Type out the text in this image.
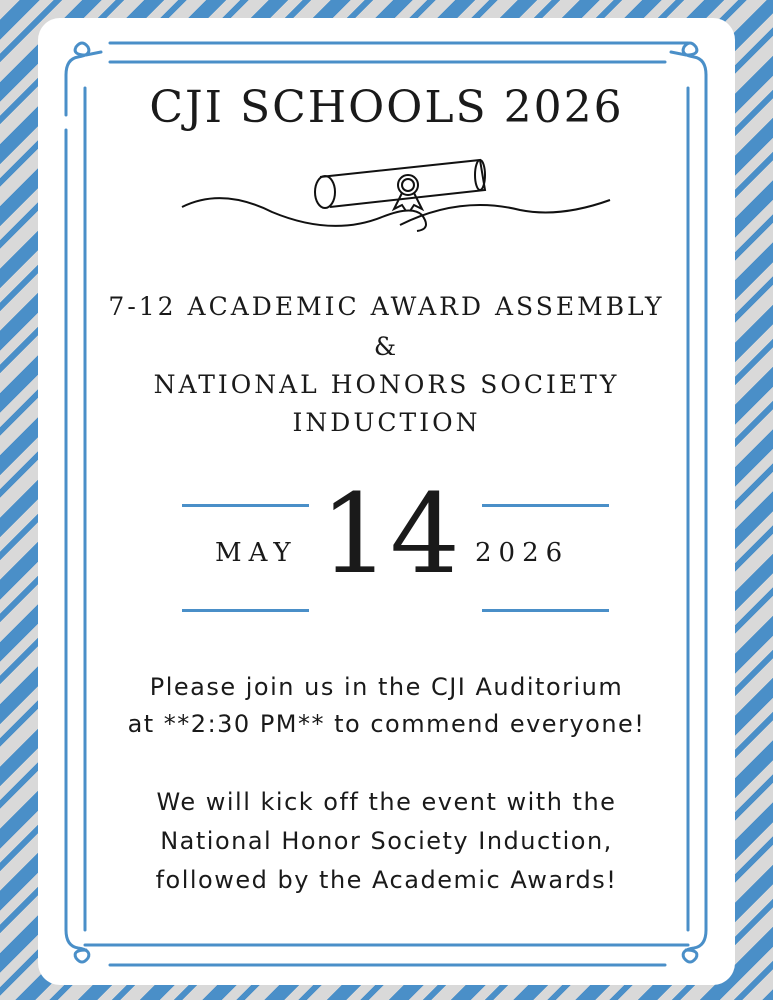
CJI SCHOOLS 2026
7-12 ACADEMIC AWARD ASSEMBLY
&
NATIONAL HONORS SOCIETY
INDUCTION
MAY 14 2026
Please join us in the CJI Auditorium
at **2:30 PM** to commend everyone!
We will kick off the event with the
National Honor Society Induction,
followed by the Academic Awards!
